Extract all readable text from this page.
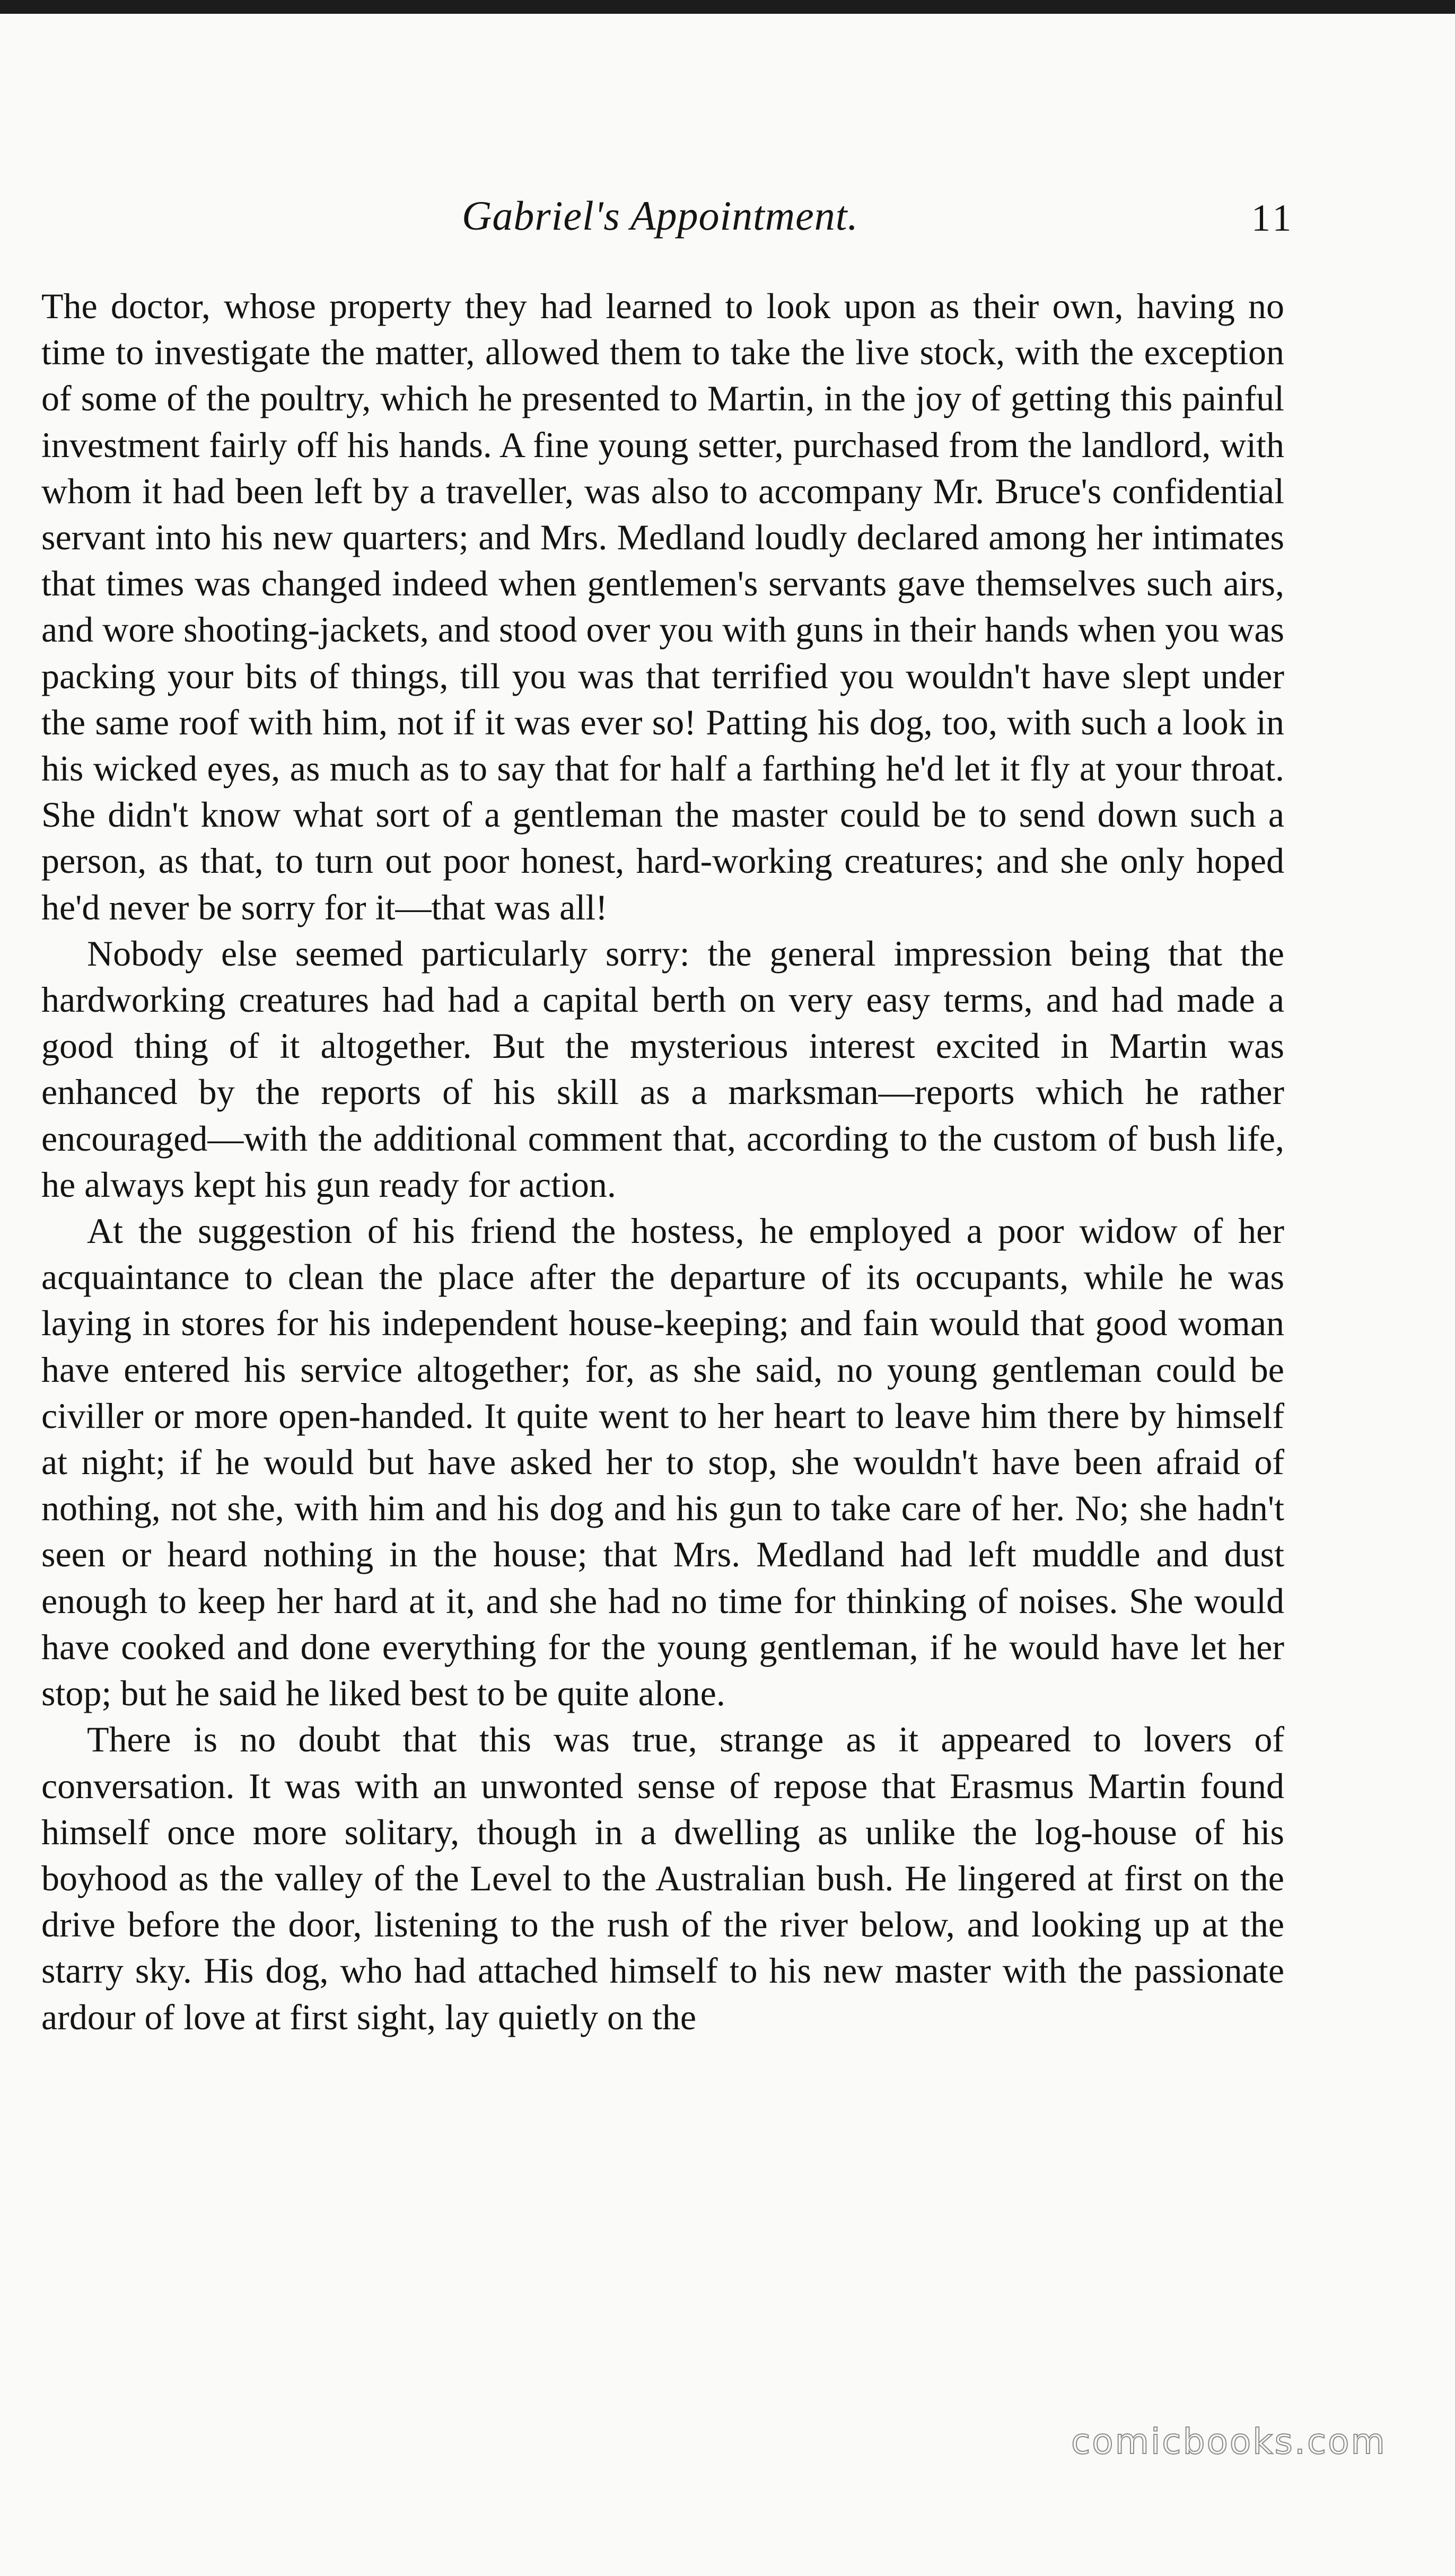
Gabriel's Appointment.	11

The doctor, whose property they had learned to look upon as their own, having no time to investigate the matter, allowed them to take the live stock, with the exception of some of the poultry, which he presented to Martin, in the joy of getting this painful investment fairly off his hands. A fine young setter, purchased from the landlord, with whom it had been left by a traveller, was also to accompany Mr. Bruce's confidential servant into his new quarters; and Mrs. Medland loudly declared among her intimates that times was changed indeed when gentlemen's servants gave themselves such airs, and wore shooting-jackets, and stood over you with guns in their hands when you was packing your bits of things, till you was that terrified you wouldn't have slept under the same roof with him, not if it was ever so! Patting his dog, too, with such a look in his wicked eyes, as much as to say that for half a farthing he'd let it fly at your throat. She didn't know what sort of a gentleman the master could be to send down such a person, as that, to turn out poor honest, hard-working creatures; and she only hoped he'd never be sorry for it—that was all!

Nobody else seemed particularly sorry: the general impression being that the hardworking creatures had had a capital berth on very easy terms, and had made a good thing of it altogether. But the mysterious interest excited in Martin was enhanced by the reports of his skill as a marksman—reports which he rather encouraged—with the additional comment that, according to the custom of bush life, he always kept his gun ready for action.

At the suggestion of his friend the hostess, he employed a poor widow of her acquaintance to clean the place after the departure of its occupants, while he was laying in stores for his independent house-keeping; and fain would that good woman have entered his service altogether; for, as she said, no young gentleman could be civiller or more open-handed. It quite went to her heart to leave him there by himself at night; if he would but have asked her to stop, she wouldn't have been afraid of nothing, not she, with him and his dog and his gun to take care of her. No; she hadn't seen or heard nothing in the house; that Mrs. Medland had left muddle and dust enough to keep her hard at it, and she had no time for thinking of noises. She would have cooked and done everything for the young gentleman, if he would have let her stop; but he said he liked best to be quite alone.

There is no doubt that this was true, strange as it appeared to lovers of conversation. It was with an unwonted sense of repose that Erasmus Martin found himself once more solitary, though in a dwelling as unlike the log-house of his boyhood as the valley of the Level to the Australian bush. He lingered at first on the drive before the door, listening to the rush of the river below, and looking up at the starry sky. His dog, who had attached himself to his new master with the passionate ardour of love at first sight, lay quietly on the

comicbooks.com
